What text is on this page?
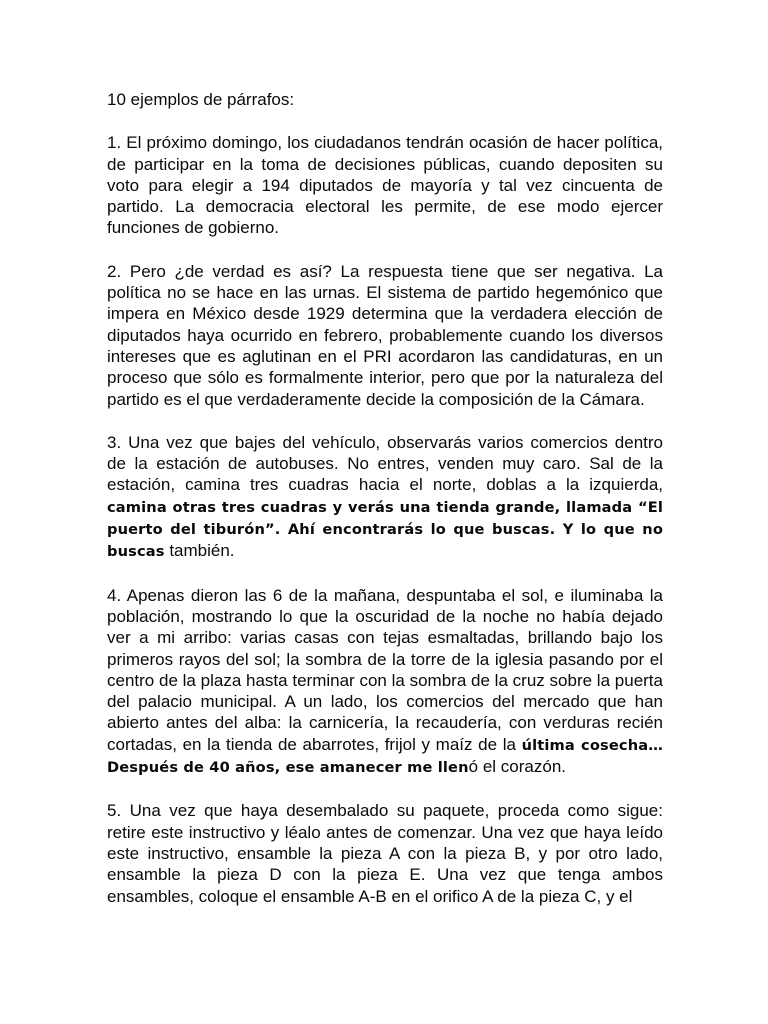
10 ejemplos de párrafos:

1. El próximo domingo, los ciudadanos tendrán ocasión de hacer política, de participar en la toma de decisiones públicas, cuando depositen su voto para elegir a 194 diputados de mayoría y tal vez cincuenta de partido. La democracia electoral les permite, de ese modo ejercer funciones de gobierno.

2. Pero ¿de verdad es así? La respuesta tiene que ser negativa. La política no se hace en las urnas. El sistema de partido hegemónico que impera en México desde 1929 determina que la verdadera elección de diputados haya ocurrido en febrero, probablemente cuando los diversos intereses que es aglutinan en el PRI acordaron las candidaturas, en un proceso que sólo es formalmente interior, pero que por la naturaleza del partido es el que verdaderamente decide la composición de la Cámara.

3. Una vez que bajes del vehículo, observarás varios comercios dentro de la estación de autobuses. No entres, venden muy caro. Sal de la estación, camina tres cuadras hacia el norte, doblas a la izquierda, camina otras tres cuadras y verás una tienda grande, llamada “El puerto del tiburón”. Ahí encontrarás lo que buscas. Y lo que no buscas también.

4. Apenas dieron las 6 de la mañana, despuntaba el sol, e iluminaba la población, mostrando lo que la oscuridad de la noche no había dejado ver a mi arribo: varias casas con tejas esmaltadas, brillando bajo los primeros rayos del sol; la sombra de la torre de la iglesia pasando por el centro de la plaza hasta terminar con la sombra de la cruz sobre la puerta del palacio municipal. A un lado, los comercios del mercado que han abierto antes del alba: la carnicería, la recaudería, con verduras recién cortadas, en la tienda de abarrotes, frijol y maíz de la última cosecha… Después de 40 años, ese amanecer me llenó el corazón.

5. Una vez que haya desembalado su paquete, proceda como sigue: retire este instructivo y léalo antes de comenzar. Una vez que haya leído este instructivo, ensamble la pieza A con la pieza B, y por otro lado, ensamble la pieza D con la pieza E. Una vez que tenga ambos ensambles, coloque el ensamble A-B en el orifico A de la pieza C, y el
